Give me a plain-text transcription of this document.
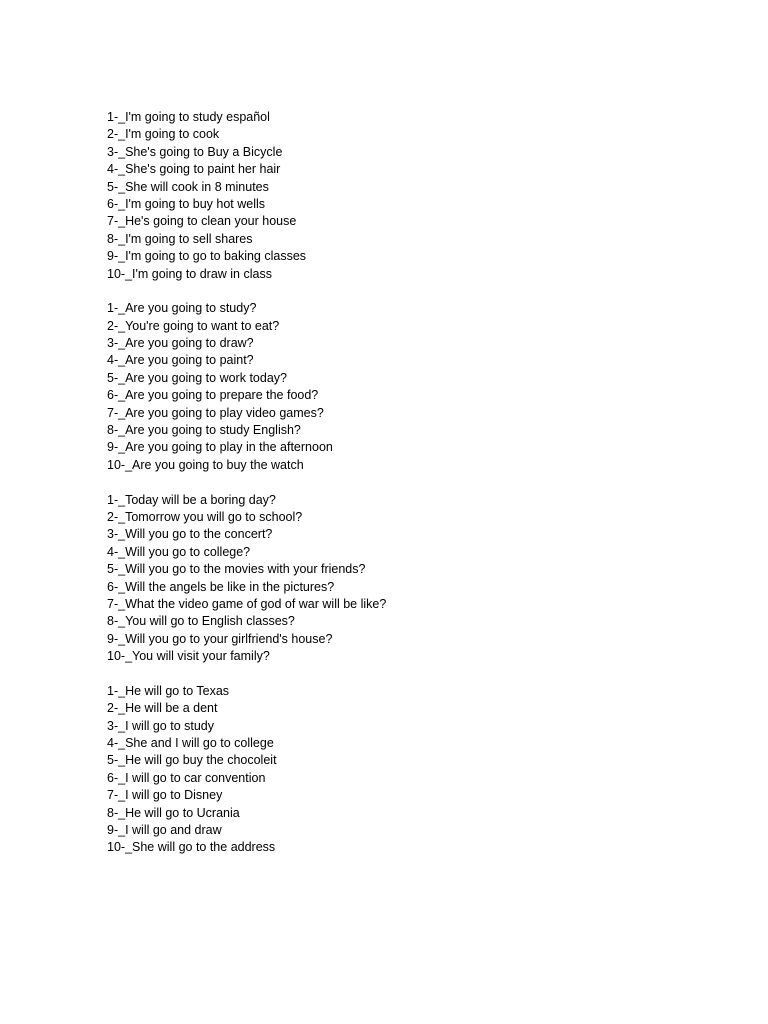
1-_I'm going to study español
2-_I'm going to cook
3-_She's going to Buy a Bicycle
4-_She's going to paint her hair
5-_She will cook in 8 minutes
6-_I'm going to buy hot wells
7-_He's going to clean your house
8-_I'm going to sell shares
9-_I'm going to go to baking classes
10-_I'm going to draw in class
1-_Are you going to study?
2-_You're going to want to eat?
3-_Are you going to draw?
4-_Are you going to paint?
5-_Are you going to work today?
6-_Are you going to prepare the food?
7-_Are you going to play video games?
8-_Are you going to study English?
9-_Are you going to play in the afternoon
10-_Are you going to buy the watch
1-_Today will be a boring day?
2-_Tomorrow you will go to school?
3-_Will you go to the concert?
4-_Will you go to college?
5-_Will you go to the movies with your friends?
6-_Will the angels be like in the pictures?
7-_What the video game of god of war will be like?
8-_You will go to English classes?
9-_Will you go to your girlfriend's house?
10-_You will visit your family?
1-_He will go to Texas
2-_He will be a dent
3-_I will go to study
4-_She and I will go to college
5-_He will go buy the chocoleit
6-_I will go to car convention
7-_I will go to Disney
8-_He will go to Ucrania
9-_I will go and draw
10-_She will go to the address
